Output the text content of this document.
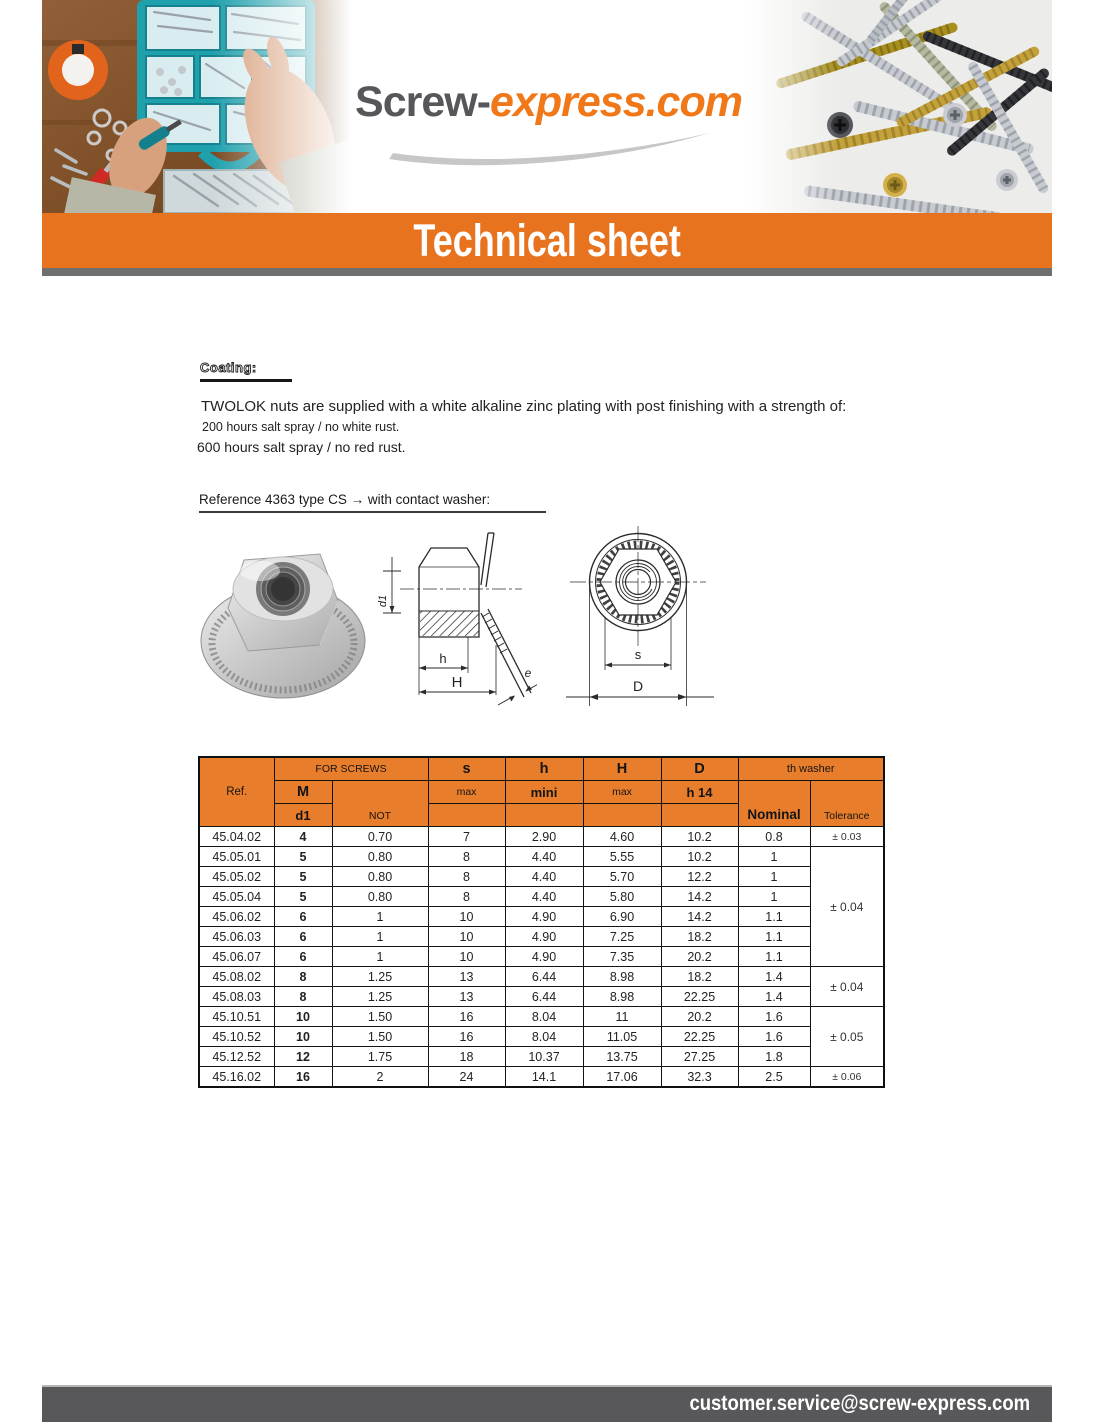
Screw-express.com
Technical sheet
Coating:
TWOLOK nuts are supplied with a white alkaline zinc plating with post finishing with a strength of:
200 hours salt spray / no white rust.
600 hours salt spray / no red rust.
Reference 4363 type CS → with contact washer:
d1
h
H
e
s
D
Ref.	FOR SCREWS		s	h	H	D	th washer	
	M	NOT	max	mini	max	h 14	Nominal	Tolerance
	d1							
45.04.02	4	0.70	7	2.90	4.60	10.2	0.8	± 0.03
45.05.01	5	0.80	8	4.40	5.55	10.2	1	± 0.04
45.05.02	5	0.80	8	4.40	5.70	12.2	1	
45.05.04	5	0.80	8	4.40	5.80	14.2	1	
45.06.02	6	1	10	4.90	6.90	14.2	1.1	
45.06.03	6	1	10	4.90	7.25	18.2	1.1	
45.06.07	6	1	10	4.90	7.35	20.2	1.1	
45.08.02	8	1.25	13	6.44	8.98	18.2	1.4	± 0.04
45.08.03	8	1.25	13	6.44	8.98	22.25	1.4	
45.10.51	10	1.50	16	8.04	11	20.2	1.6	± 0.05
45.10.52	10	1.50	16	8.04	11.05	22.25	1.6	
45.12.52	12	1.75	18	10.37	13.75	27.25	1.8	
45.16.02	16	2	24	14.1	17.06	32.3	2.5	± 0.06
customer.service@screw-express.com
